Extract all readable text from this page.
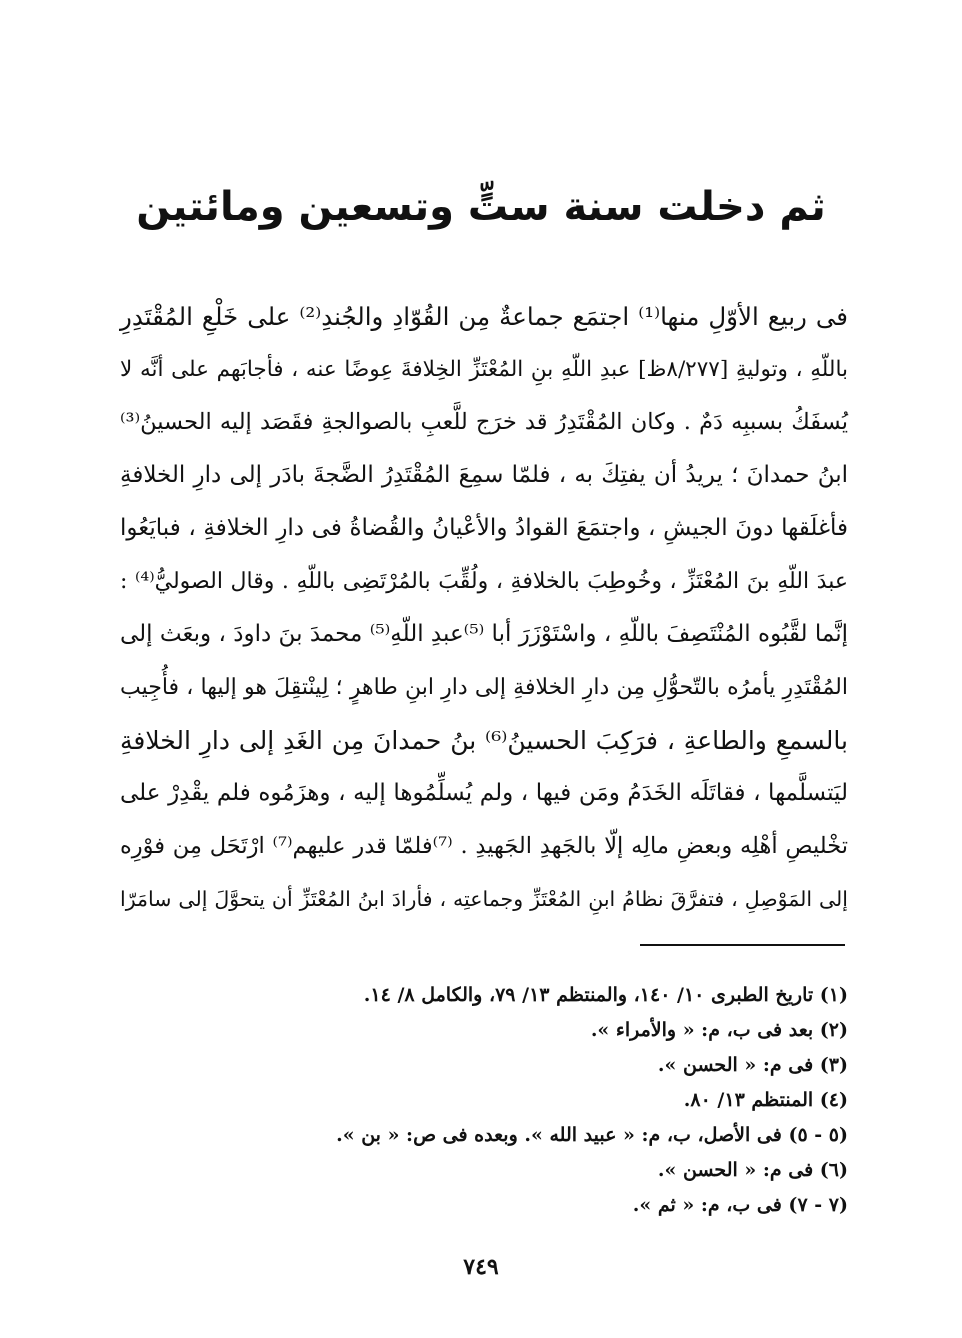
ثم دخلت سنة ستٍّ وتسعين ومائتين
فى ربيع الأوّلِ منها⁽¹⁾ اجتمَع جماعةٌ مِن القُوّادِ والجُندِ⁽²⁾ على خَلْعِ المُقْتَدِرِ
باللّهِ ، وتوليةِ [٨/٢٧٧ظ] عبدِ اللّهِ بنِ المُعْتَزِّ الخِلافةَ عِوضًا عنه ، فأجابَهم على أنَّه لا
يُسفَكُ بسببِه دَمٌ . وكان المُقْتَدِرُ قد خرَج للَّعبِ بالصوالجةِ فقَصَد إليه الحسينُ⁽³⁾
ابنُ حمدانَ ؛ يريدُ أن يفتِكَ به ، فلمّا سمِعَ المُقْتَدِرُ الضَّجةَ بادَر إلى دارِ الخلافةِ
فأغلَقها دونَ الجيشِ ، واجتمَعَ القوادُ والأعْيانُ والقُضاةُ فى دارِ الخلافةِ ، فبايَعُوا
عبدَ اللّهِ بنَ المُعْتَزِّ ، وخُوطِبَ بالخلافةِ ، ولُقِّبَ بالمُرْتَضِى باللّهِ . وقال الصوليُّ⁽⁴⁾ :
إنَّما لقَّبُوه المُنْتَصِفَ باللّهِ ، واسْتَوْزَرَ أبا ⁽⁵⁾عبدِ اللّهِ⁽⁵⁾ محمدَ بنَ داودَ ، وبعَث إلى
المُقْتَدِرِ يأمرُه بالتّحوُّلِ مِن دارِ الخلافةِ إلى دارِ ابنِ طاهرٍ ؛ لِينْتقِلَ هو إليها ، فأُجِيب
بالسمعِ والطاعةِ ، فرَكِبَ الحسينُ⁽⁶⁾ بنُ حمدانَ مِن الغَدِ إلى دارِ الخلافةِ
ليَتسلَّمها ، فقاتَلَه الخَدَمُ ومَن فيها ، ولم يُسلِّمُوها إليه ، وهزَمُوه فلم يقْدِرْ على
تخْليصِ أهْلِه وبعضِ مالِه إلّا بالجَهدِ الجَهيدِ . ⁽⁷⁾فلمّا قدر عليهم⁽⁷⁾ ارْتَحَل مِن فوْرِه
إلى المَوْصِلِ ، فتفرَّقَ نظامُ ابنِ المُعْتَزِّ وجماعتِه ، فأرادَ ابنُ المُعْتَزِّ أن يتحوَّلَ إلى سامَرّا
(١) تاريخ الطبرى ١٠/ ١٤٠، والمنتظم ١٣/ ٧٩، والكامل ٨/ ١٤.
(٢) بعد فى ب، م: « والأمراء ».
(٣) فى م: « الحسن ».
(٤) المنتظم ١٣/ ٨٠.
(٥ - ٥) فى الأصل، ب، م: « عبيد الله ». وبعده فى ص: « بن ».
(٦) فى م: « الحسن ».
(٧ - ٧) فى ب، م: « ثم ».
٧٤٩
